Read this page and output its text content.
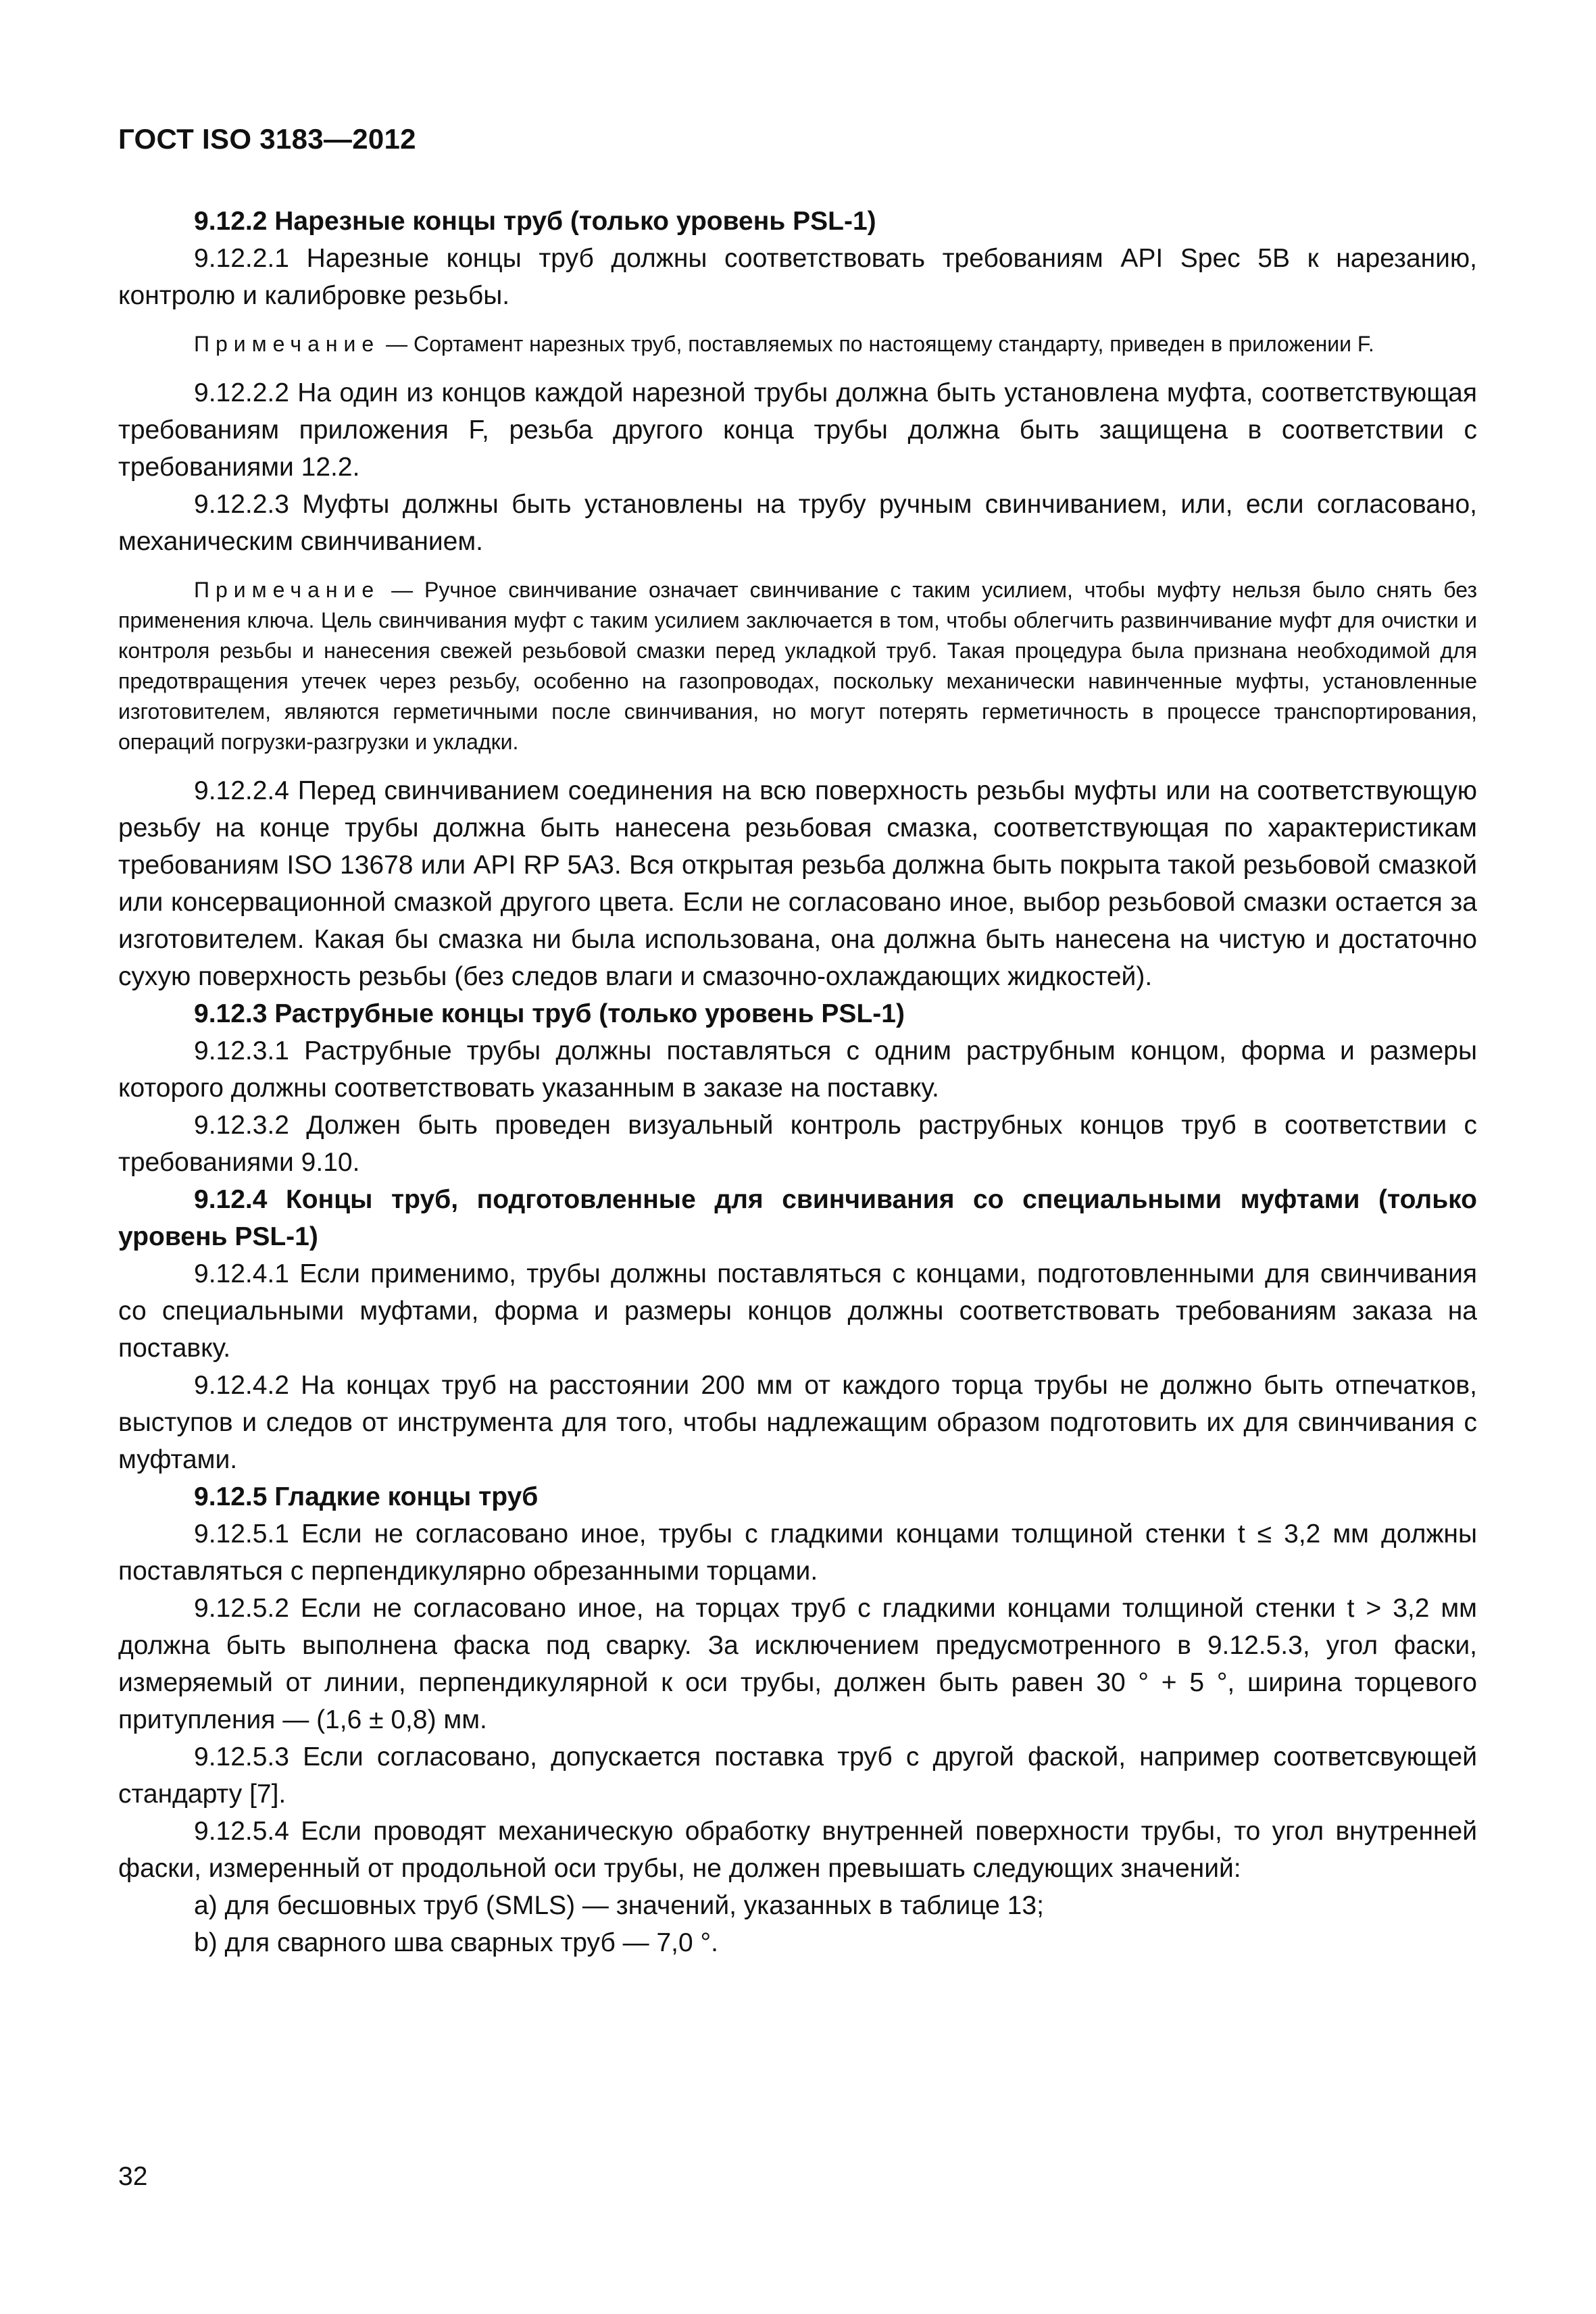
ГОСТ ISO 3183—2012
9.12.2 Нарезные концы труб (только уровень PSL-1)
9.12.2.1 Нарезные концы труб должны соответствовать требованиям API Spec 5B к нарезанию, контролю и калибровке резьбы.
Примечание — Сортамент нарезных труб, поставляемых по настоящему стандарту, приведен в приложении F.
9.12.2.2 На один из концов каждой нарезной трубы должна быть установлена муфта, соответствующая требованиям приложения F, резьба другого конца трубы должна быть защищена в соответствии с требованиями 12.2.
9.12.2.3 Муфты должны быть установлены на трубу ручным свинчиванием, или, если согласовано, механическим свинчиванием.
Примечание — Ручное свинчивание означает свинчивание с таким усилием, чтобы муфту нельзя было снять без применения ключа. Цель свинчивания муфт с таким усилием заключается в том, чтобы облегчить развинчивание муфт для очистки и контроля резьбы и нанесения свежей резьбовой смазки перед укладкой труб. Такая процедура была признана необходимой для предотвращения утечек через резьбу, особенно на газопроводах, поскольку механически навинченные муфты, установленные изготовителем, являются герметичными после свинчивания, но могут потерять герметичность в процессе транспортирования, операций погрузки-разгрузки и укладки.
9.12.2.4 Перед свинчиванием соединения на всю поверхность резьбы муфты или на соответствующую резьбу на конце трубы должна быть нанесена резьбовая смазка, соответствующая по характеристикам требованиям ISO 13678 или API RP 5A3. Вся открытая резьба должна быть покрыта такой резьбовой смазкой или консервационной смазкой другого цвета. Если не согласовано иное, выбор резьбовой смазки остается за изготовителем. Какая бы смазка ни была использована, она должна быть нанесена на чистую и достаточно сухую поверхность резьбы (без следов влаги и смазочно-охлаждающих жидкостей).
9.12.3 Раструбные концы труб (только уровень PSL-1)
9.12.3.1 Раструбные трубы должны поставляться с одним раструбным концом, форма и размеры которого должны соответствовать указанным в заказе на поставку.
9.12.3.2 Должен быть проведен визуальный контроль раструбных концов труб в соответствии с требованиями 9.10.
9.12.4 Концы труб, подготовленные для свинчивания со специальными муфтами (только уровень PSL-1)
9.12.4.1 Если применимо, трубы должны поставляться с концами, подготовленными для свинчивания со специальными муфтами, форма и размеры концов должны соответствовать требованиям заказа на поставку.
9.12.4.2 На концах труб на расстоянии 200 мм от каждого торца трубы не должно быть отпечатков, выступов и следов от инструмента для того, чтобы надлежащим образом подготовить их для свинчивания с муфтами.
9.12.5 Гладкие концы труб
9.12.5.1 Если не согласовано иное, трубы с гладкими концами толщиной стенки t ≤ 3,2 мм должны поставляться с перпендикулярно обрезанными торцами.
9.12.5.2 Если не согласовано иное, на торцах труб с гладкими концами толщиной стенки t > 3,2 мм должна быть выполнена фаска под сварку. За исключением предусмотренного в 9.12.5.3, угол фаски, измеряемый от линии, перпендикулярной к оси трубы, должен быть равен 30 ° + 5 °, ширина торцевого притупления — (1,6 ± 0,8) мм.
9.12.5.3 Если согласовано, допускается поставка труб с другой фаской, например соответсвующей стандарту [7].
9.12.5.4 Если проводят механическую обработку внутренней поверхности трубы, то угол внутренней фаски, измеренный от продольной оси трубы, не должен превышать следующих значений:
a) для бесшовных труб (SMLS) — значений, указанных в таблице 13;
b) для сварного шва сварных труб — 7,0 °.
32
